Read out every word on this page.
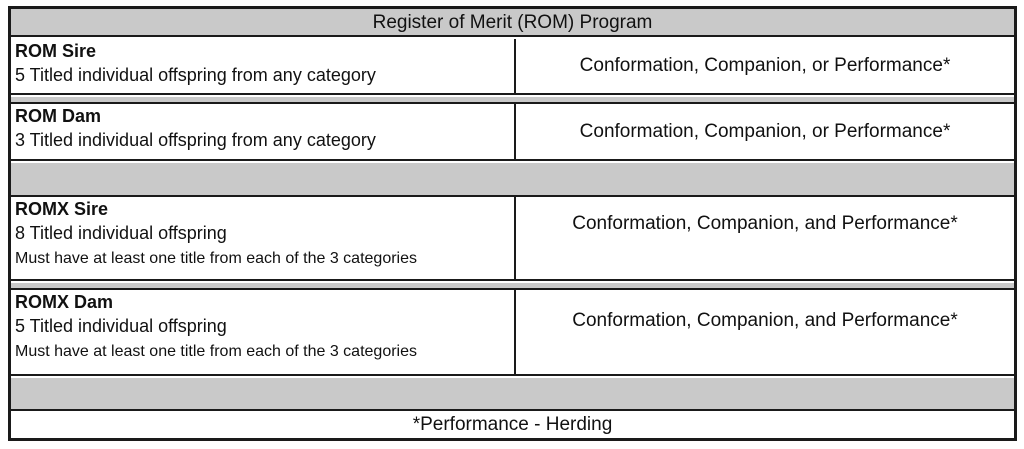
Register of Merit (ROM) Program
ROM Sire
5 Titled individual offspring from any category	Conformation, Companion, or Performance*
ROM Dam
3 Titled individual offspring from any category	Conformation, Companion, or Performance*
ROMX Sire
8 Titled individual offspring
Must have at least one title from each of the 3 categories
Conformation, Companion, and Performance*
ROMX Dam
5 Titled individual offspring
Must have at least one title from each of the 3 categories
Conformation, Companion, and Performance*
*Performance - Herding
